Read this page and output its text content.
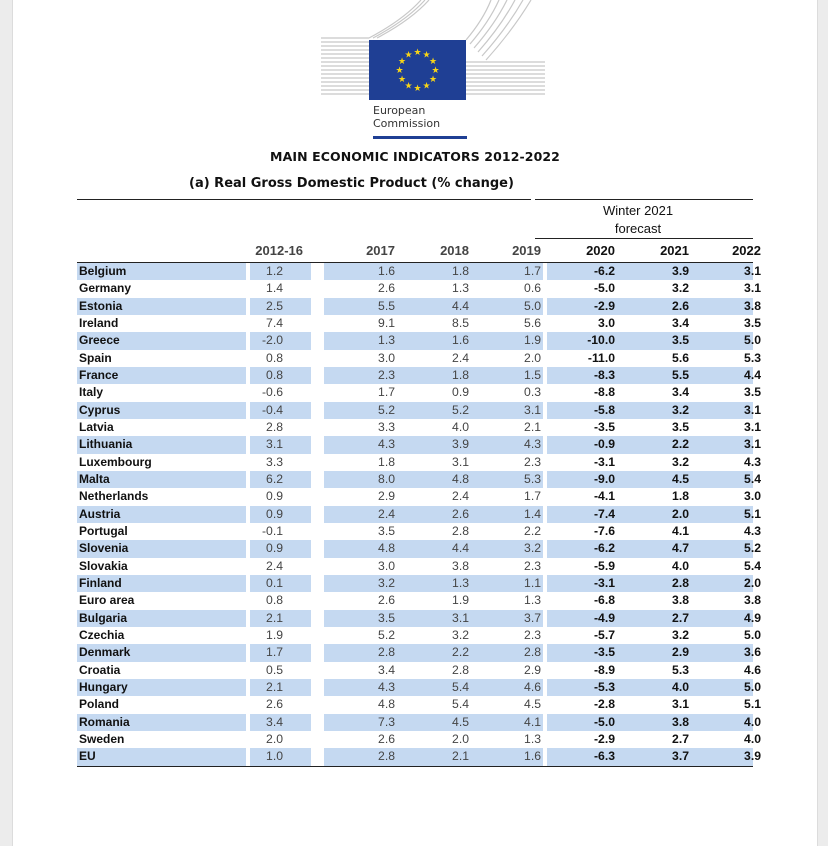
★ ★
★
★
★
★
★
★
★
★
★
★
European
Commission
MAIN ECONOMIC INDICATORS 2012-2022
(a) Real Gross Domestic Product (% change)
Winter 2021
forecast
2012-16	2017	2018	2019	2020	2021	2022
Belgium	1.2	1.6	1.8	1.7	-6.2	3.9	3.1
Germany	1.4	2.6	1.3	0.6	-5.0	3.2	3.1
Estonia	2.5	5.5	4.4	5.0	-2.9	2.6	3.8
Ireland	7.4	9.1	8.5	5.6	3.0	3.4	3.5
Greece	-2.0	1.3	1.6	1.9	-10.0	3.5	5.0
Spain	0.8	3.0	2.4	2.0	-11.0	5.6	5.3
France	0.8	2.3	1.8	1.5	-8.3	5.5	4.4
Italy	-0.6	1.7	0.9	0.3	-8.8	3.4	3.5
Cyprus	-0.4	5.2	5.2	3.1	-5.8	3.2	3.1
Latvia	2.8	3.3	4.0	2.1	-3.5	3.5	3.1
Lithuania	3.1	4.3	3.9	4.3	-0.9	2.2	3.1
Luxembourg	3.3	1.8	3.1	2.3	-3.1	3.2	4.3
Malta	6.2	8.0	4.8	5.3	-9.0	4.5	5.4
Netherlands	0.9	2.9	2.4	1.7	-4.1	1.8	3.0
Austria	0.9	2.4	2.6	1.4	-7.4	2.0	5.1
Portugal	-0.1	3.5	2.8	2.2	-7.6	4.1	4.3
Slovenia	0.9	4.8	4.4	3.2	-6.2	4.7	5.2
Slovakia	2.4	3.0	3.8	2.3	-5.9	4.0	5.4
Finland	0.1	3.2	1.3	1.1	-3.1	2.8	2.0
Euro area	0.8	2.6	1.9	1.3	-6.8	3.8	3.8
Bulgaria	2.1	3.5	3.1	3.7	-4.9	2.7	4.9
Czechia	1.9	5.2	3.2	2.3	-5.7	3.2	5.0
Denmark	1.7	2.8	2.2	2.8	-3.5	2.9	3.6
Croatia	0.5	3.4	2.8	2.9	-8.9	5.3	4.6
Hungary	2.1	4.3	5.4	4.6	-5.3	4.0	5.0
Poland	2.6	4.8	5.4	4.5	-2.8	3.1	5.1
Romania	3.4	7.3	4.5	4.1	-5.0	3.8	4.0
Sweden	2.0	2.6	2.0	1.3	-2.9	2.7	4.0
EU	1.0	2.8	2.1	1.6	-6.3	3.7	3.9
